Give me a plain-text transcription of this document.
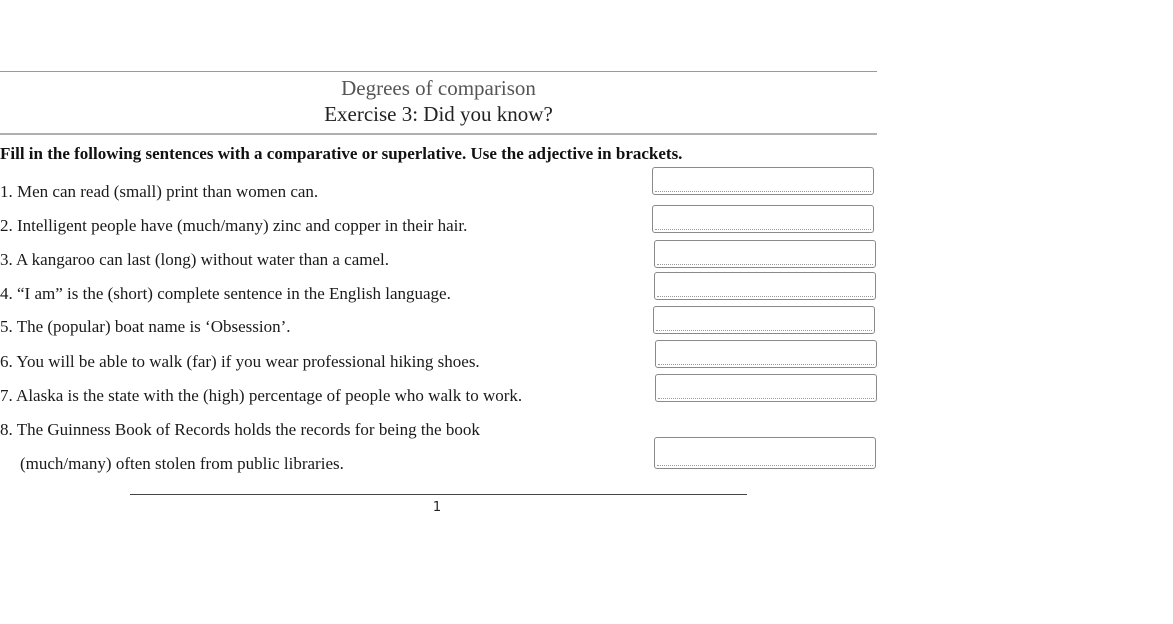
Degrees of comparison
Exercise 3: Did you know?
Fill in the following sentences with a comparative or superlative. Use the adjective in brackets.
1. Men can read (small) print than women can.
2. Intelligent people have (much/many) zinc and copper in their hair.
3. A kangaroo can last (long) without water than a camel.
4. “I am” is the (short) complete sentence in the English language.
5. The (popular) boat name is ‘Obsession’.
6. You will be able to walk (far) if you wear professional hiking shoes.
7. Alaska is the state with the (high) percentage of people who walk to work.
8. The Guinness Book of Records holds the records for being the book
(much/many) often stolen from public libraries.
1
